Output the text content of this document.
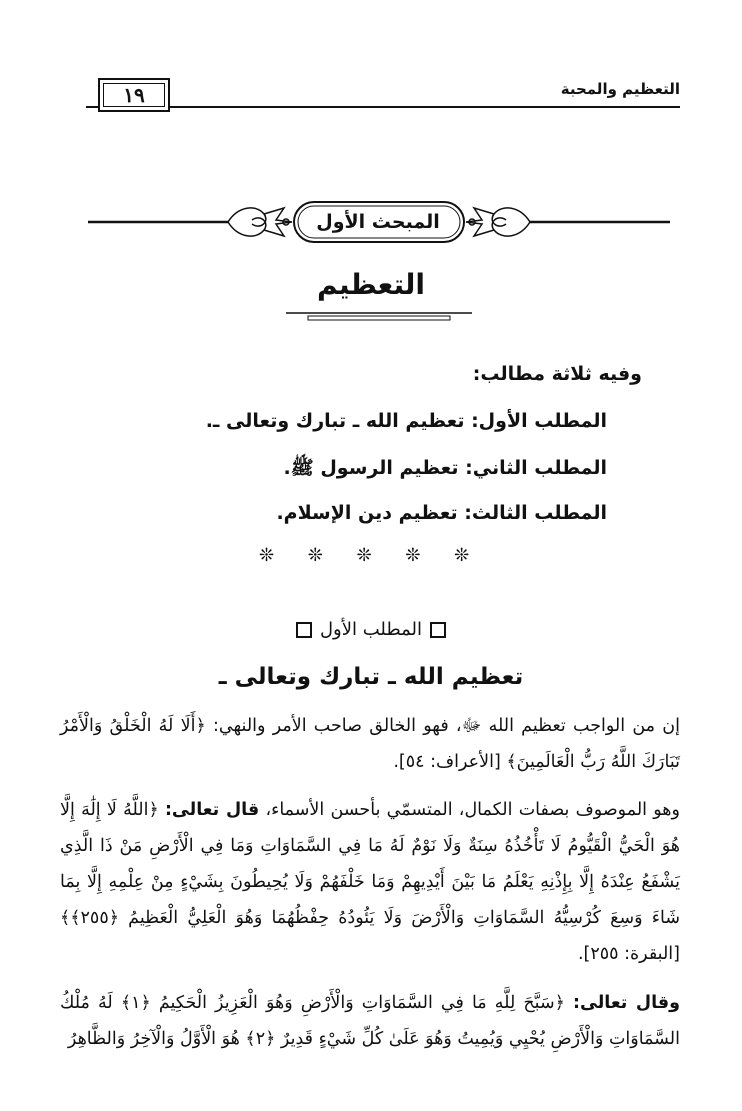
التعظيم والمحبة
١٩
المبحث الأول
التعظيم
وفيه ثلاثة مطالب:
المطلب الأول: تعظيم الله ـ تبارك وتعالى ـ.
المطلب الثاني: تعظيم الرسول ﷺ.
المطلب الثالث: تعظيم دين الإسلام.
❊ ❊ ❊ ❊ ❊
المطلب الأول
تعظيم الله ـ تبارك وتعالى ـ
إن من الواجب تعظيم الله ﷻ، فهو الخالق صاحب الأمر والنهي: ﴿أَلَا لَهُ الْخَلْقُ وَالْأَمْرُ تَبَارَكَ اللَّهُ رَبُّ الْعَالَمِينَ﴾ [الأعراف: ٥٤].
وهو الموصوف بصفات الكمال، المتسمّي بأحسن الأسماء، قال تعالى: ﴿اللَّهُ لَا إِلَٰهَ إِلَّا هُوَ الْحَيُّ الْقَيُّومُ لَا تَأْخُذُهُ سِنَةٌ وَلَا نَوْمٌ لَهُ مَا فِي السَّمَاوَاتِ وَمَا فِي الْأَرْضِ مَنْ ذَا الَّذِي يَشْفَعُ عِنْدَهُ إِلَّا بِإِذْنِهِ يَعْلَمُ مَا بَيْنَ أَيْدِيهِمْ وَمَا خَلْفَهُمْ وَلَا يُحِيطُونَ بِشَيْءٍ مِنْ عِلْمِهِ إِلَّا بِمَا شَاءَ وَسِعَ كُرْسِيُّهُ السَّمَاوَاتِ وَالْأَرْضَ وَلَا يَئُودُهُ حِفْظُهُمَا وَهُوَ الْعَلِيُّ الْعَظِيمُ ﴿٢٥٥﴾﴾ [البقرة: ٢٥٥].
وقال تعالى: ﴿سَبَّحَ لِلَّهِ مَا فِي السَّمَاوَاتِ وَالْأَرْضِ وَهُوَ الْعَزِيزُ الْحَكِيمُ ﴿١﴾ لَهُ مُلْكُ السَّمَاوَاتِ وَالْأَرْضِ يُحْيِي وَيُمِيتُ وَهُوَ عَلَىٰ كُلِّ شَيْءٍ قَدِيرٌ ﴿٢﴾ هُوَ الْأَوَّلُ وَالْآخِرُ وَالظَّاهِرُ
